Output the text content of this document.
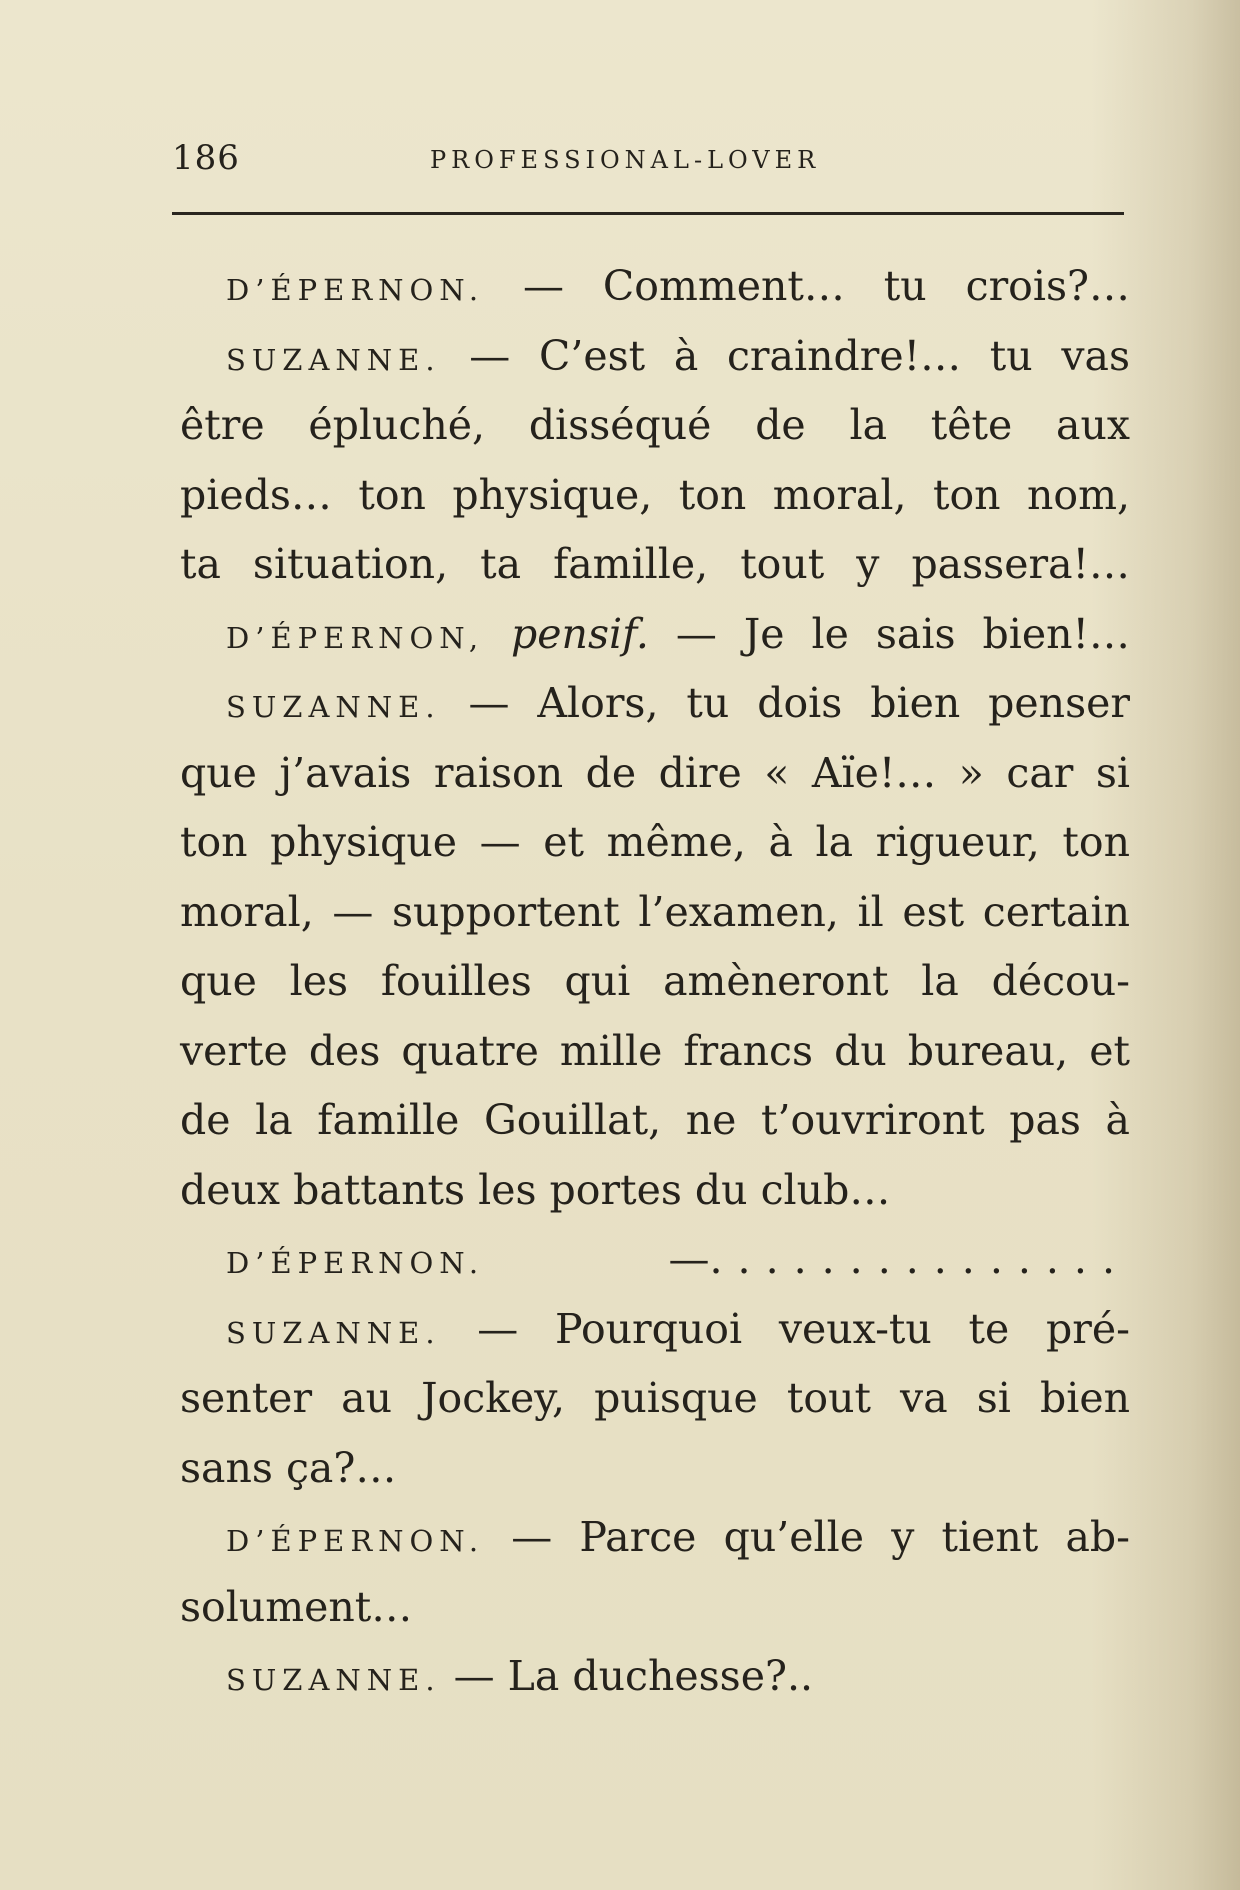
186	PROFESSIONAL-LOVER
D’ÉPERNON. — Comment… tu crois?…
SUZANNE. — C’est à craindre!… tu vas
être épluché, disséqué de la tête aux
pieds… ton physique, ton moral, ton nom,
ta situation, ta famille, tout y passera!…
D’ÉPERNON, pensif. — Je le sais bien!…
SUZANNE. — Alors, tu dois bien penser
que j’avais raison de dire « Aïe!… » car si
ton physique — et même, à la rigueur, ton
moral, — supportent l’examen, il est certain
que les fouilles qui amèneront la décou-
verte des quatre mille francs du bureau, et
de la famille Gouillat, ne t’ouvriront pas à
deux battants les portes du club…
D’ÉPERNON.	—...............
SUZANNE. — Pourquoi veux-tu te pré-
senter au Jockey, puisque tout va si bien
sans ça?…
D’ÉPERNON. — Parce qu’elle y tient ab-
solument…
SUZANNE. — La duchesse?..
